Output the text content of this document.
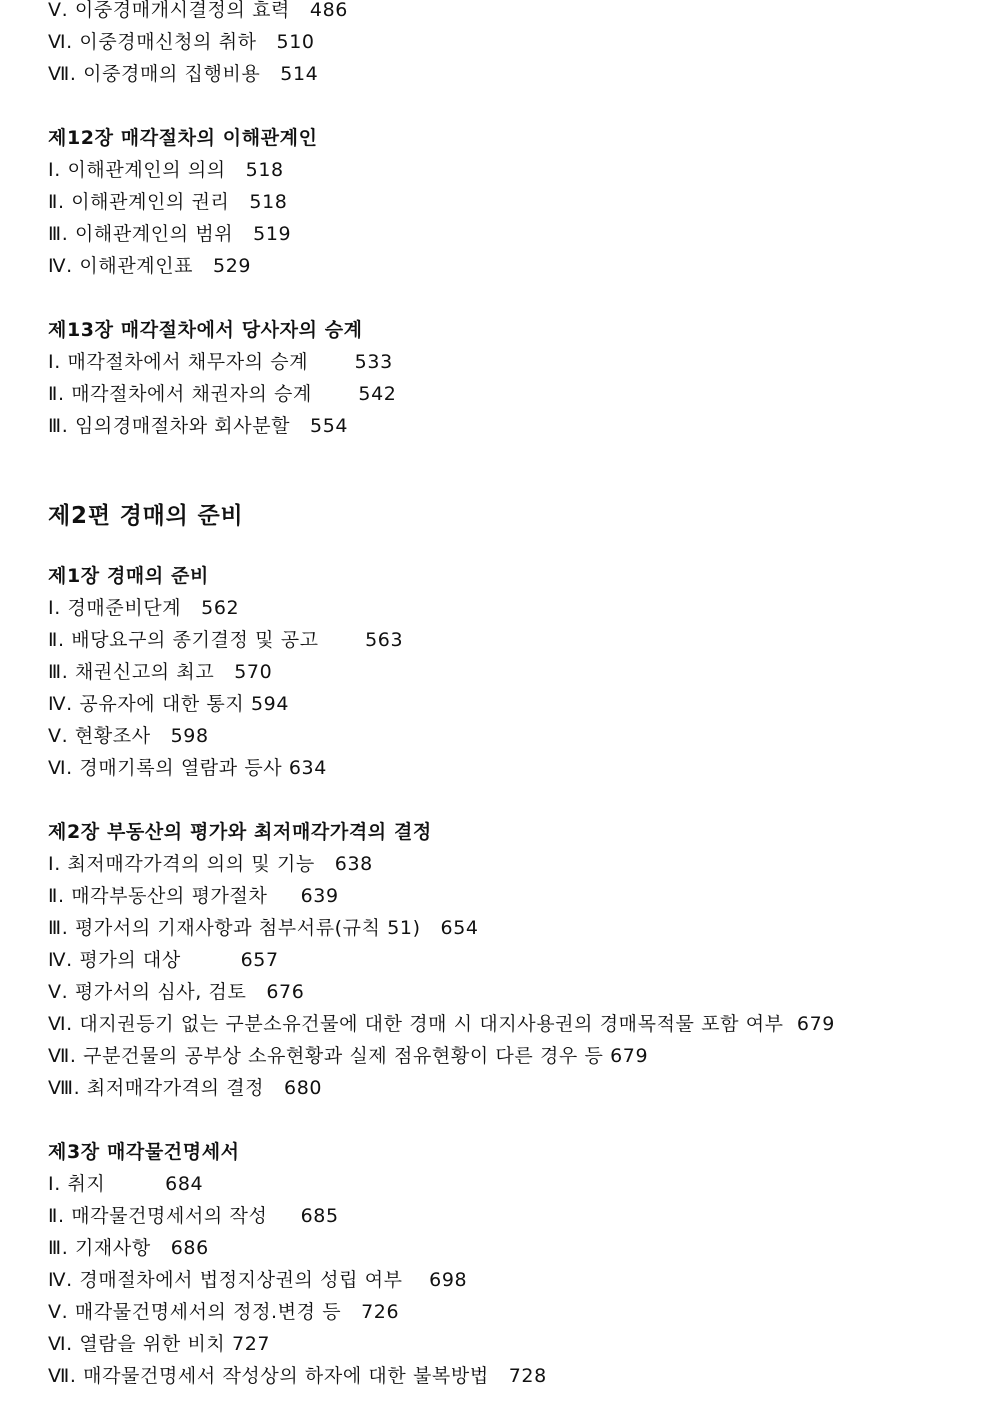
Ⅴ. 이중경매개시결정의 효력   486
Ⅵ. 이중경매신청의 취하   510
Ⅶ. 이중경매의 집행비용   514
제12장 매각절차의 이해관계인
Ⅰ. 이해관계인의 의의   518
Ⅱ. 이해관계인의 권리   518
Ⅲ. 이해관계인의 범위   519
Ⅳ. 이해관계인표   529
제13장 매각절차에서 당사자의 승계
Ⅰ. 매각절차에서 채무자의 승계       533
Ⅱ. 매각절차에서 채권자의 승계       542
Ⅲ. 임의경매절차와 회사분할   554
제2편 경매의 준비
제1장 경매의 준비
Ⅰ. 경매준비단계   562
Ⅱ. 배당요구의 종기결정 및 공고       563
Ⅲ. 채권신고의 최고   570
Ⅳ. 공유자에 대한 통지 594
Ⅴ. 현황조사   598
Ⅵ. 경매기록의 열람과 등사 634
제2장 부동산의 평가와 최저매각가격의 결정
Ⅰ. 최저매각가격의 의의 및 기능   638
Ⅱ. 매각부동산의 평가절차     639
Ⅲ. 평가서의 기재사항과 첨부서류(규칙 51)   654
Ⅳ. 평가의 대상         657
Ⅴ. 평가서의 심사, 검토   676
Ⅵ. 대지권등기 없는 구분소유건물에 대한 경매 시 대지사용권의 경매목적물 포함 여부  679
Ⅶ. 구분건물의 공부상 소유현황과 실제 점유현황이 다른 경우 등 679
Ⅷ. 최저매각가격의 결정   680
제3장 매각물건명세서
Ⅰ. 취지         684
Ⅱ. 매각물건명세서의 작성     685
Ⅲ. 기재사항   686
Ⅳ. 경매절차에서 법정지상권의 성립 여부    698
Ⅴ. 매각물건명세서의 정정.변경 등   726
Ⅵ. 열람을 위한 비치 727
Ⅶ. 매각물건명세서 작성상의 하자에 대한 불복방법   728
